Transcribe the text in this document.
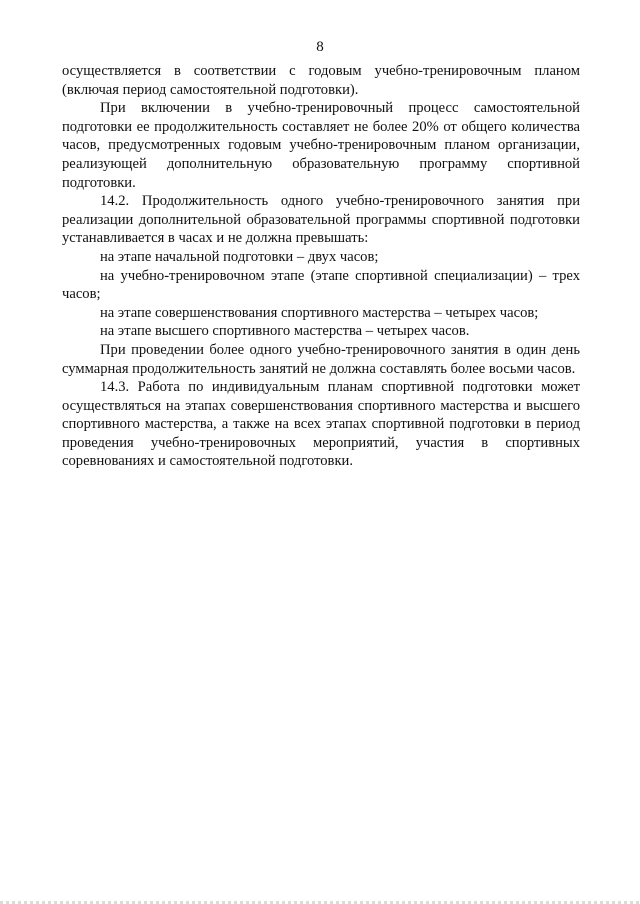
8

осуществляется в соответствии с годовым учебно-тренировочным планом (включая период самостоятельной подготовки).

При включении в учебно-тренировочный процесс самостоятельной подготовки ее продолжительность составляет не более 20% от общего количества часов, предусмотренных годовым учебно-тренировочным планом организации, реализующей дополнительную образовательную программу спортивной подготовки.

14.2. Продолжительность одного учебно-тренировочного занятия при реализации дополнительной образовательной программы спортивной подготовки устанавливается в часах и не должна превышать:

на этапе начальной подготовки – двух часов;

на учебно-тренировочном этапе (этапе спортивной специализации) – трех часов;

на этапе совершенствования спортивного мастерства – четырех часов;

на этапе высшего спортивного мастерства – четырех часов.

При проведении более одного учебно-тренировочного занятия в один день суммарная продолжительность занятий не должна составлять более восьми часов.

14.3. Работа по индивидуальным планам спортивной подготовки может осуществляться на этапах совершенствования спортивного мастерства и высшего спортивного мастерства, а также на всех этапах спортивной подготовки в период проведения учебно-тренировочных мероприятий, участия в спортивных соревнованиях и самостоятельной подготовки.
